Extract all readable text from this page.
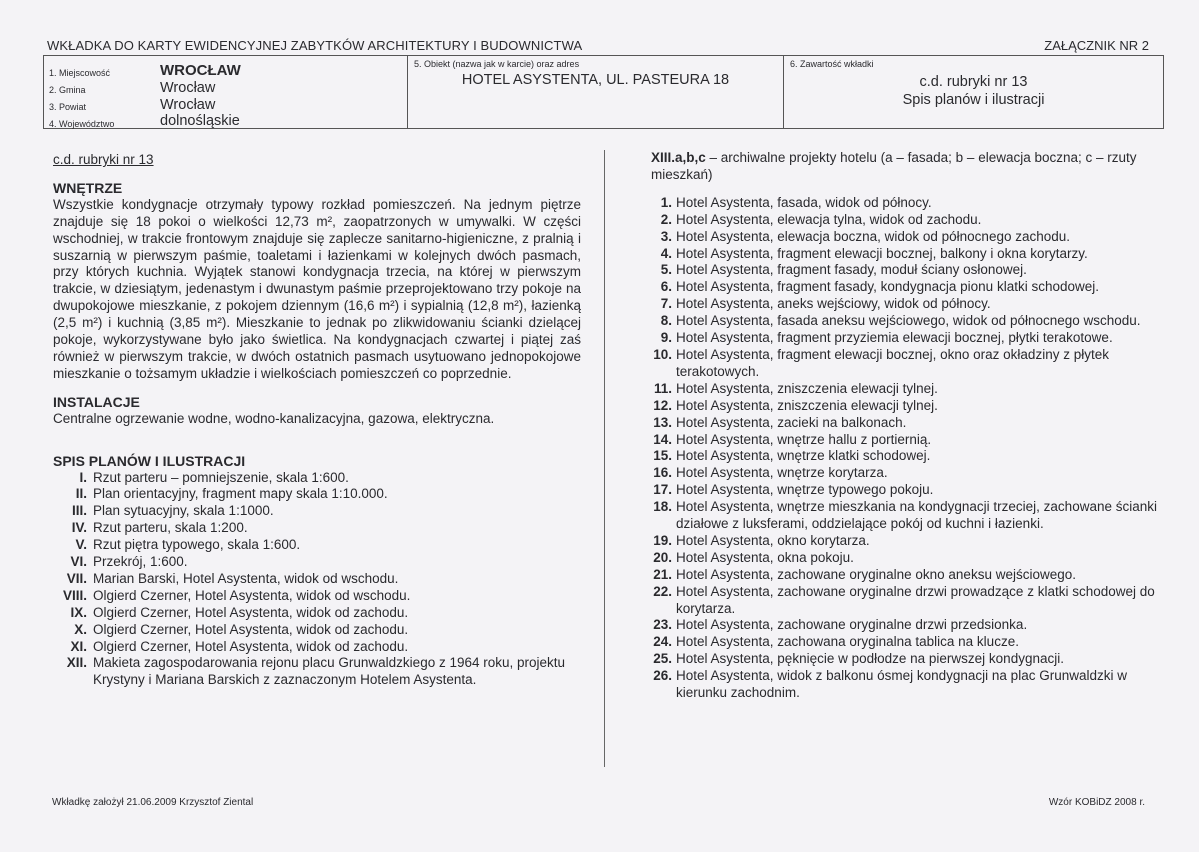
WKŁADKA DO KARTY EWIDENCYJNEJ ZABYTKÓW ARCHITEKTURY I BUDOWNICTWA	ZAŁĄCZNIK NR 2
1. Miejscowość	WROCŁAW
2. Gmina	Wrocław
3. Powiat	Wrocław
4. Województwo	dolnośląskie
5. Obiekt (nazwa jak w karcie) oraz adres
HOTEL ASYSTENTA, UL. PASTEURA 18
6. Zawartość wkładki
c.d. rubryki nr 13
Spis planów i ilustracji
c.d. rubryki nr 13
WNĘTRZE
Wszystkie kondygnacje otrzymały typowy rozkład pomieszczeń. Na jednym piętrze znajduje się 18 pokoi o wielkości 12,73 m², zaopatrzonych w umywalki. W części wschodniej, w trakcie frontowym znajduje się zaplecze sanitarno-higieniczne, z pralnią i suszarnią w pierwszym paśmie, toaletami i łazienkami w kolejnych dwóch pasmach, przy których kuchnia. Wyjątek stanowi kondygnacja trzecia, na której w pierwszym trakcie, w dziesiątym, jedenastym i dwunastym paśmie przeprojektowano trzy pokoje na dwupokojowe mieszkanie, z pokojem dziennym (16,6 m²) i sypialnią (12,8 m²), łazienką (2,5 m²) i kuchnią (3,85 m²). Mieszkanie to jednak po zlikwidowaniu ścianki dzielącej pokoje, wykorzystywane było jako świetlica. Na kondygnacjach czwartej i piątej zaś również w pierwszym trakcie, w dwóch ostatnich pasmach usytuowano jednopokojowe mieszkanie o tożsamym układzie i wielkościach pomieszczeń co poprzednie.
INSTALACJE
Centralne ogrzewanie wodne, wodno-kanalizacyjna, gazowa, elektryczna.
SPIS PLANÓW I ILUSTRACJI
I. Rzut parteru – pomniejszenie, skala 1:600.
II. Plan orientacyjny, fragment mapy skala 1:10.000.
III. Plan sytuacyjny, skala 1:1000.
IV. Rzut parteru, skala 1:200.
V. Rzut piętra typowego, skala 1:600.
VI. Przekrój, 1:600.
VII. Marian Barski, Hotel Asystenta, widok od wschodu.
VIII. Olgierd Czerner, Hotel Asystenta, widok od wschodu.
IX. Olgierd Czerner, Hotel Asystenta, widok od zachodu.
X. Olgierd Czerner, Hotel Asystenta, widok od zachodu.
XI. Olgierd Czerner, Hotel Asystenta, widok od zachodu.
XII. Makieta zagospodarowania rejonu placu Grunwaldzkiego z 1964 roku, projektu Krystyny i Mariana Barskich z zaznaczonym Hotelem Asystenta.
XIII.a,b,c – archiwalne projekty hotelu (a – fasada; b – elewacja boczna; c – rzuty mieszkań)
1. Hotel Asystenta, fasada, widok od północy.
2. Hotel Asystenta, elewacja tylna, widok od zachodu.
3. Hotel Asystenta, elewacja boczna, widok od północnego zachodu.
4. Hotel Asystenta, fragment elewacji bocznej, balkony i okna korytarzy.
5. Hotel Asystenta, fragment fasady, moduł ściany osłonowej.
6. Hotel Asystenta, fragment fasady, kondygnacja pionu klatki schodowej.
7. Hotel Asystenta, aneks wejściowy, widok od północy.
8. Hotel Asystenta, fasada aneksu wejściowego, widok od północnego wschodu.
9. Hotel Asystenta, fragment przyziemia elewacji bocznej, płytki terakotowe.
10. Hotel Asystenta, fragment elewacji bocznej, okno oraz okładziny z płytek terakotowych.
11. Hotel Asystenta, zniszczenia elewacji tylnej.
12. Hotel Asystenta, zniszczenia elewacji tylnej.
13. Hotel Asystenta, zacieki na balkonach.
14. Hotel Asystenta, wnętrze hallu z portiernią.
15. Hotel Asystenta, wnętrze klatki schodowej.
16. Hotel Asystenta, wnętrze korytarza.
17. Hotel Asystenta, wnętrze typowego pokoju.
18. Hotel Asystenta, wnętrze mieszkania na kondygnacji trzeciej, zachowane ścianki działowe z luksferami, oddzielające pokój od kuchni i łazienki.
19. Hotel Asystenta, okno korytarza.
20. Hotel Asystenta, okna pokoju.
21. Hotel Asystenta, zachowane oryginalne okno aneksu wejściowego.
22. Hotel Asystenta, zachowane oryginalne drzwi prowadzące z klatki schodowej do korytarza.
23. Hotel Asystenta, zachowane oryginalne drzwi przedsionka.
24. Hotel Asystenta, zachowana oryginalna tablica na klucze.
25. Hotel Asystenta, pęknięcie w podłodze na pierwszej kondygnacji.
26. Hotel Asystenta, widok z balkonu ósmej kondygnacji na plac Grunwaldzki w kierunku zachodnim.
Wkładkę założył 21.06.2009 Krzysztof Ziental	Wzór KOBiDZ 2008 r.
